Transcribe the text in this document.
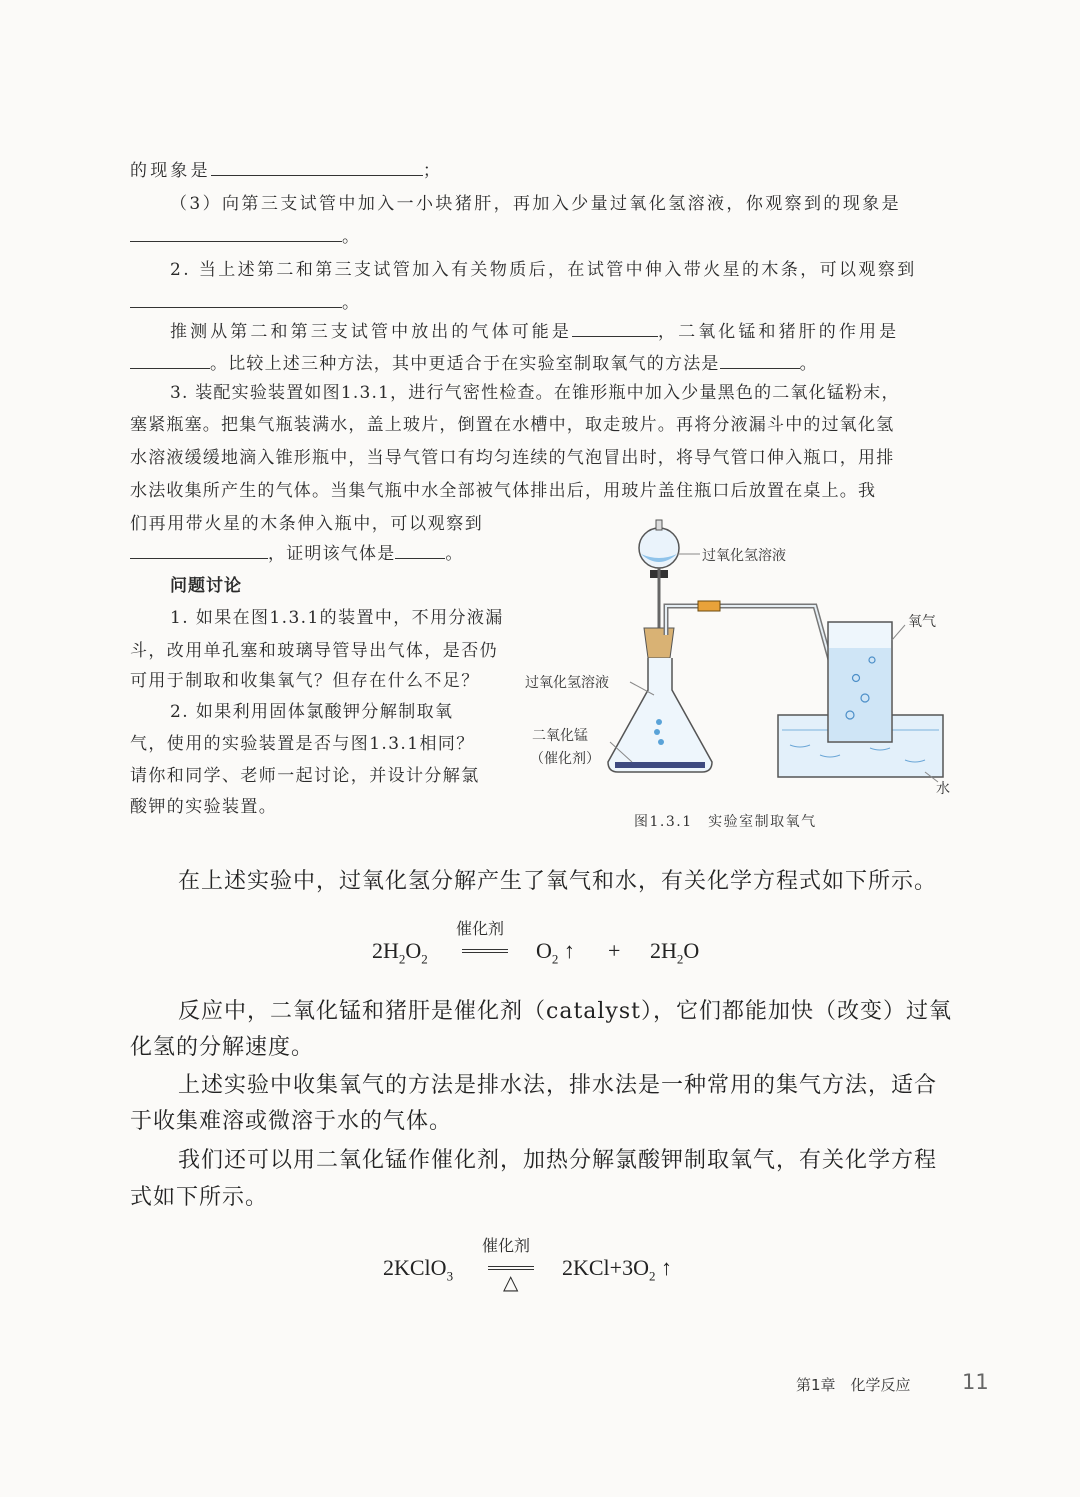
的现象是	；
（3）向第三支试管中加入一小块猪肝，再加入少量过氧化氢溶液，你观察到的现象是
。
2. 当上述第二和第三支试管加入有关物质后，在试管中伸入带火星的木条，可以观察到
。
推测从第二和第三支试管中放出的气体可能是	，二氧化锰和猪肝的作用是
。比较上述三种方法，其中更适合于在实验室制取氧气的方法是	。
3. 装配实验装置如图1.3.1，进行气密性检查。在锥形瓶中加入少量黑色的二氧化锰粉末，
塞紧瓶塞。把集气瓶装满水，盖上玻片，倒置在水槽中，取走玻片。再将分液漏斗中的过氧化氢
水溶液缓缓地滴入锥形瓶中，当导气管口有均匀连续的气泡冒出时，将导气管口伸入瓶口，用排
水法收集所产生的气体。当集气瓶中水全部被气体排出后，用玻片盖住瓶口后放置在桌上。我
们再用带火星的木条伸入瓶中，可以观察到
，证明该气体是	。
问题讨论
1. 如果在图1.3.1的装置中，不用分液漏
斗，改用单孔塞和玻璃导管导出气体，是否仍
可用于制取和收集氧气？但存在什么不足？
2. 如果利用固体氯酸钾分解制取氧
气，使用的实验装置是否与图1.3.1相同？
请你和同学、老师一起讨论，并设计分解氯
酸钾的实验装置。
过氧化氢溶液
氧气
过氧化氢溶液
二氧化锰
（催化剂）
水
图1.3.1　实验室制取氧气
在上述实验中，过氧化氢分解产生了氧气和水，有关化学方程式如下所示。
催化剂
$2H_2O_2$	$O_2$ ↑ + $2H_2O$
反应中，二氧化锰和猪肝是催化剂（catalyst），它们都能加快（改变）过氧
化氢的分解速度。
上述实验中收集氧气的方法是排水法，排水法是一种常用的集气方法，适合
于收集难溶或微溶于水的气体。
我们还可以用二氧化锰作催化剂，加热分解氯酸钾制取氧气，有关化学方程
式如下所示。
催化剂
△
2KClO$_3$	$2KCl+3O_2$ ↑
第1章　化学反应 11
